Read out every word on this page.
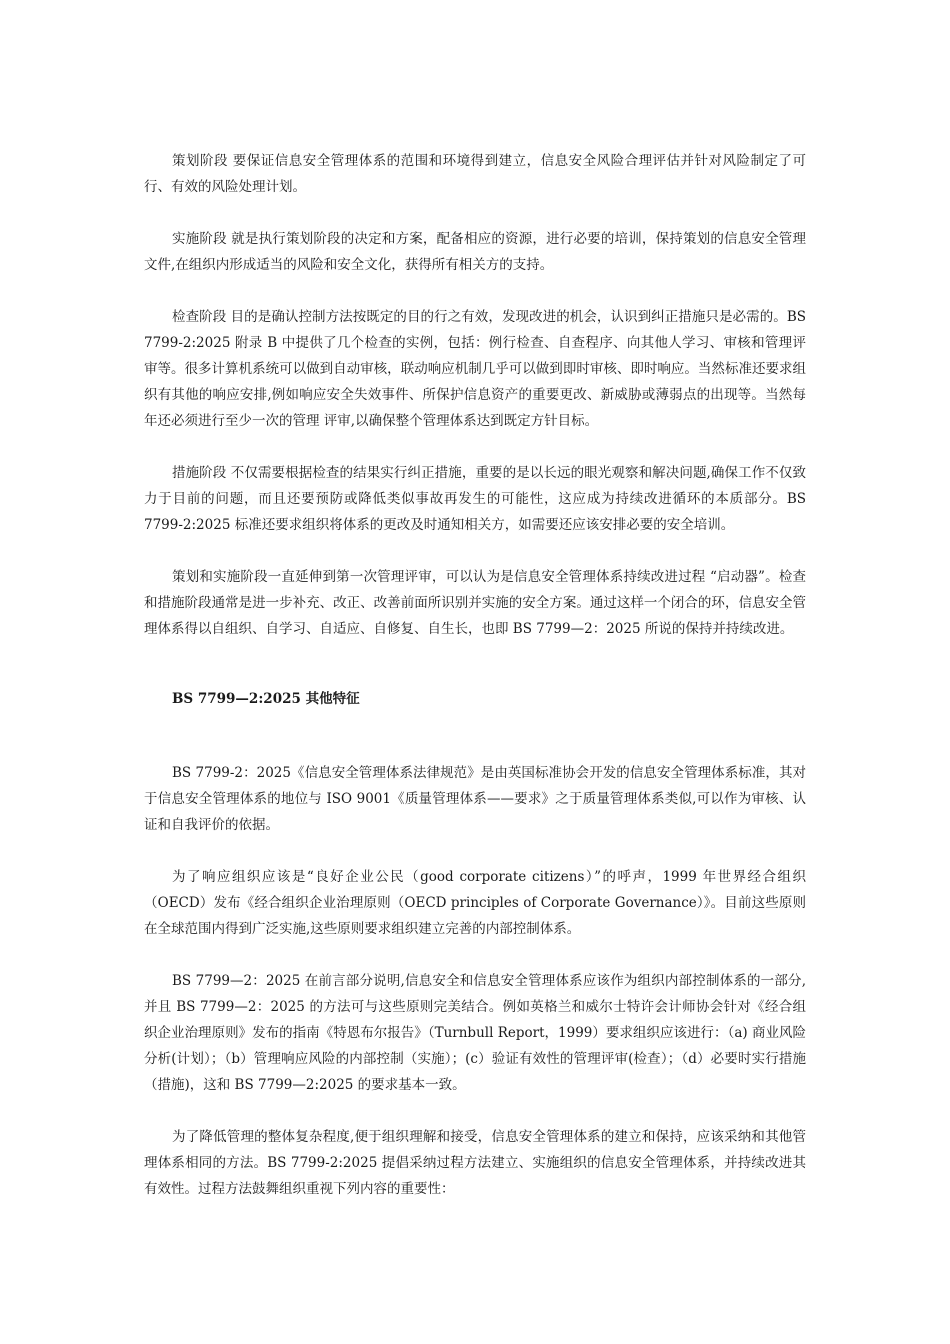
策划阶段 要保证信息安全管理体系的范围和环境得到建立，信息安全风险合理评估并针对风险制定了可行、有效的风险处理计划。

实施阶段 就是执行策划阶段的决定和方案，配备相应的资源，进行必要的培训，保持策划的信息安全管理文件,在组织内形成适当的风险和安全文化，获得所有相关方的支持。

检查阶段 目的是确认控制方法按既定的目的行之有效，发现改进的机会，认识到纠正措施只是必需的。BS 7799-2:2025 附录 B 中提供了几个检查的实例，包括：例行检查、自查程序、向其他人学习、审核和管理评审等。很多计算机系统可以做到自动审核，联动响应机制几乎可以做到即时审核、即时响应。当然标准还要求组织有其他的响应安排,例如响应安全失效事件、所保护信息资产的重要更改、新威胁或薄弱点的出现等。当然每年还必须进行至少一次的管理 评审,以确保整个管理体系达到既定方针目标。

措施阶段 不仅需要根据检查的结果实行纠正措施，重要的是以长远的眼光观察和解决问题,确保工作不仅致力于目前的问题，而且还要预防或降低类似事故再发生的可能性，这应成为持续改进循环的本质部分。BS 7799-2:2025 标准还要求组织将体系的更改及时通知相关方，如需要还应该安排必要的安全培训。

策划和实施阶段一直延伸到第一次管理评审，可以认为是信息安全管理体系持续改进过程 “启动器”。检查和措施阶段通常是进一步补充、改正、改善前面所识别并实施的安全方案。通过这样一个闭合的环，信息安全管理体系得以自组织、自学习、自适应、自修复、自生长，也即 BS 7799—2：2025 所说的保持并持续改进。

BS 7799—2:2025 其他特征

BS 7799-2：2025《信息安全管理体系法律规范》是由英国标准协会开发的信息安全管理体系标准，其对于信息安全管理体系的地位与 ISO 9001《质量管理体系——要求》之于质量管理体系类似,可以作为审核、认证和自我评价的依据。

为了响应组织应该是“良好企业公民（good corporate citizens）”的呼声，1999 年世界经合组织（OECD）发布《经合组织企业治理原则（OECD principles of Corporate Governance）》。目前这些原则在全球范围内得到广泛实施,这些原则要求组织建立完善的内部控制体系。

BS 7799—2：2025 在前言部分说明,信息安全和信息安全管理体系应该作为组织内部控制体系的一部分,并且 BS 7799—2：2025 的方法可与这些原则完美结合。例如英格兰和威尔士特许会计师协会针对《经合组织企业治理原则》发布的指南《特恩布尔报告》（Turnbull Report，1999）要求组织应该进行：（a) 商业风险分析(计划）；（b）管理响应风险的内部控制（实施）；(c）验证有效性的管理评审(检查）；（d）必要时实行措施（措施)，这和 BS 7799—2:2025 的要求基本一致。

为了降低管理的整体复杂程度,便于组织理解和接受，信息安全管理体系的建立和保持，应该采纳和其他管理体系相同的方法。BS 7799-2:2025 提倡采纳过程方法建立、实施组织的信息安全管理体系，并持续改进其有效性。过程方法鼓舞组织重视下列内容的重要性：
